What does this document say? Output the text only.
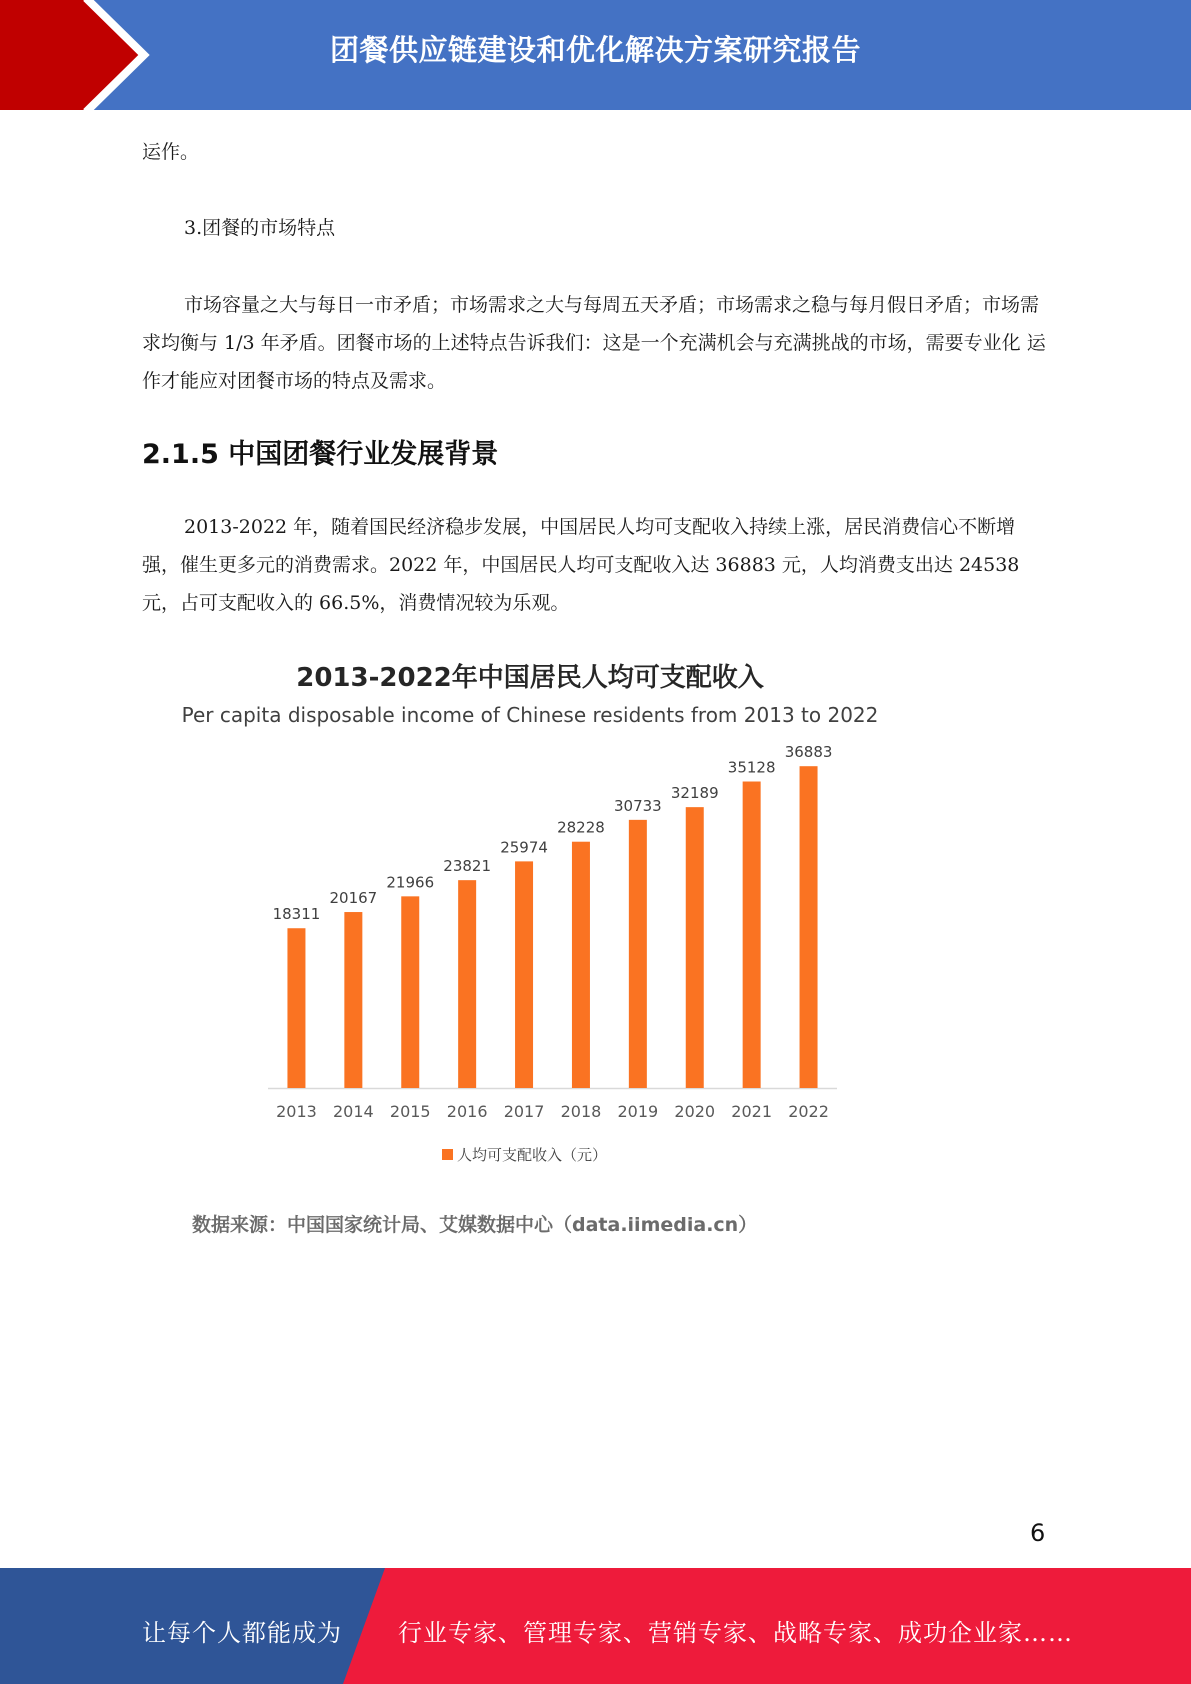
团餐供应链建设和优化解决方案研究报告

运作。

3.团餐的市场特点

市场容量之大与每日一市矛盾；市场需求之大与每周五天矛盾；市场需求之稳与每月假日矛盾；市场需求均衡与 1/3 年矛盾。团餐市场的上述特点告诉我们：这是一个充满机会与充满挑战的市场，需要专业化 运作才能应对团餐市场的特点及需求。

2.1.5 中国团餐行业发展背景

2013-2022 年，随着国民经济稳步发展，中国居民人均可支配收入持续上涨，居民消费信心不断增强，催生更多元的消费需求。2022 年，中国居民人均可支配收入达 36883 元，人均消费支出达 24538 元，占可支配收入的 66.5%，消费情况较为乐观。

2013-2022年中国居民人均可支配收入
Per capita disposable income of Chinese residents from 2013 to 2022
18311
2013
20167
2014
21966
2015
23821
2016
25974
2017
28228
2018
30733
2019
32189
2020
35128
2021
36883
2022
人均可支配收入（元）
数据来源：中国国家统计局、艾媒数据中心（data.iimedia.cn）
6
让每个人都能成为 行业专家、管理专家、营销专家、战略专家、成功企业家……
